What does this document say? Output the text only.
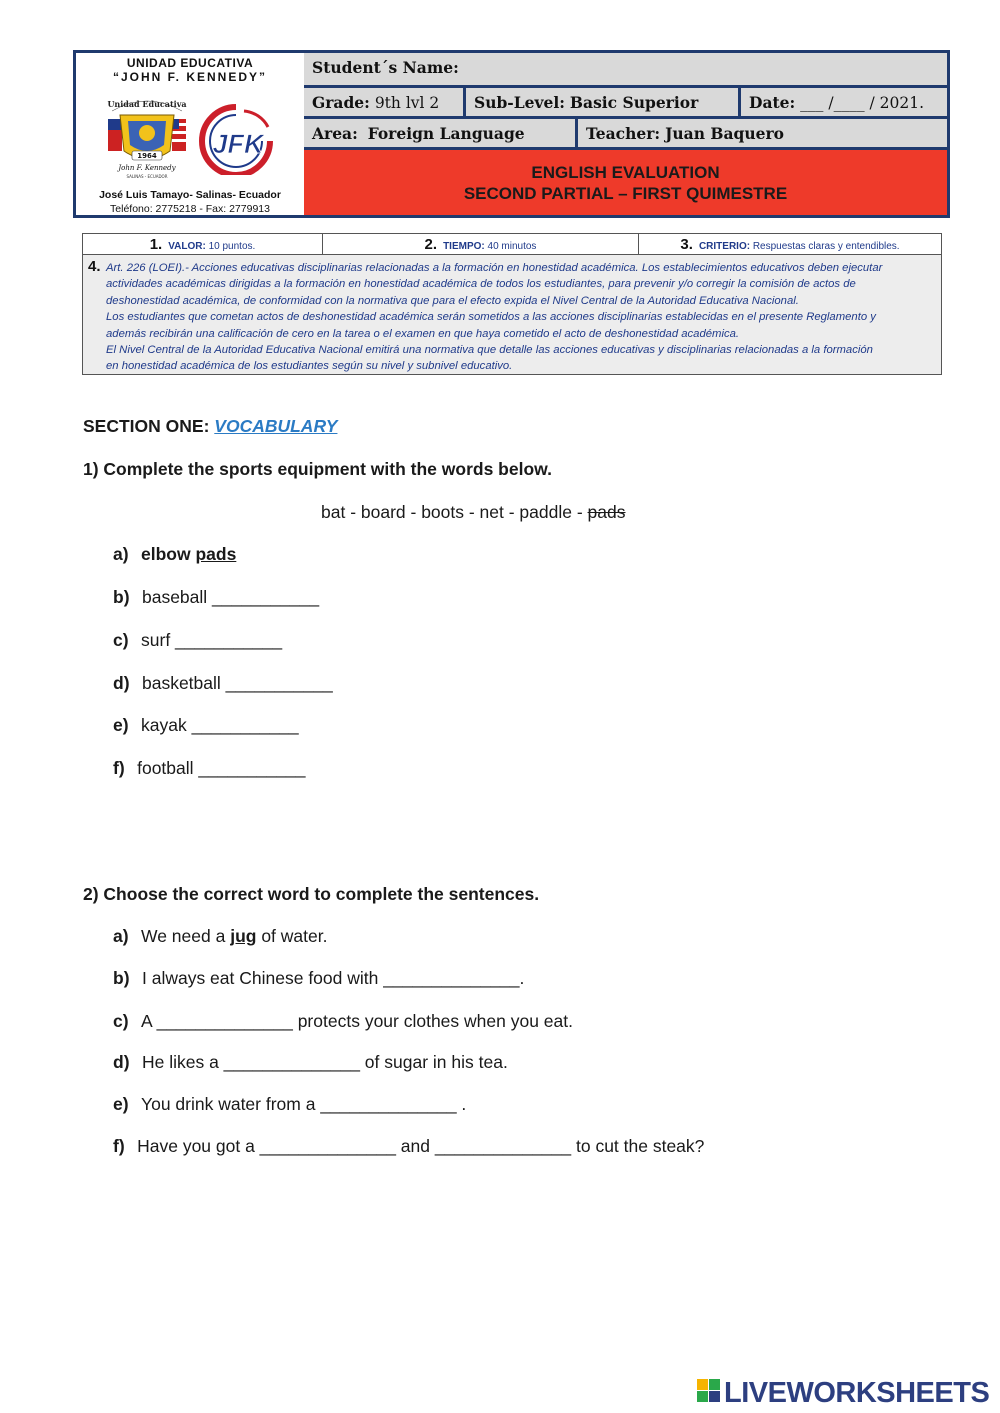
UNIDAD EDUCATIVA
“JOHN F. KENNEDY”
Unidad Educativa
1964
John F. Kennedy
SALINAS - ECUADOR
JFK
José Luis Tamayo- Salinas- Ecuador
Teléfono: 2775218 - Fax: 2779913
Student´s Name:
Grade: 9th lvl 2	Sub-Level: Basic Superior	Date: ___ /____ / 2021.
Area: Foreign Language	Teacher: Juan Baquero
ENGLISH EVALUATION
SECOND PARTIAL – FIRST QUIMESTRE
1. VALOR: 10 puntos.	2. TIEMPO: 40 minutos	3. CRITERIO: Respuestas claras y entendibles.
4. Art. 226 (LOEI).- Acciones educativas disciplinarias relacionadas a la formación en honestidad académica. Los establecimientos educativos deben ejecutar
actividades académicas dirigidas a la formación en honestidad académica de todos los estudiantes, para prevenir y/o corregir la comisión de actos de
deshonestidad académica, de conformidad con la normativa que para el efecto expida el Nivel Central de la Autoridad Educativa Nacional.
Los estudiantes que cometan actos de deshonestidad académica serán sometidos a las acciones disciplinarias establecidas en el presente Reglamento y
además recibirán una calificación de cero en la tarea o el examen en que haya cometido el acto de deshonestidad académica.
El Nivel Central de la Autoridad Educativa Nacional emitirá una normativa que detalle las acciones educativas y disciplinarias relacionadas a la formación
en honestidad académica de los estudiantes según su nivel y subnivel educativo.
SECTION ONE: VOCABULARY
1) Complete the sports equipment with the words below.
bat - board - boots - net - paddle - pads
a) elbow pads
b) baseball ___________
c) surf ___________
d) basketball ___________
e) kayak ___________
f) football ___________
2) Choose the correct word to complete the sentences.
a) We need a jug of water.
b) I always eat Chinese food with ______________.
c) A ______________ protects your clothes when you eat.
d) He likes a ______________ of sugar in his tea.
e) You drink water from a ______________ .
f) Have you got a ______________ and ______________ to cut the steak?
LIVEWORKSHEETS
